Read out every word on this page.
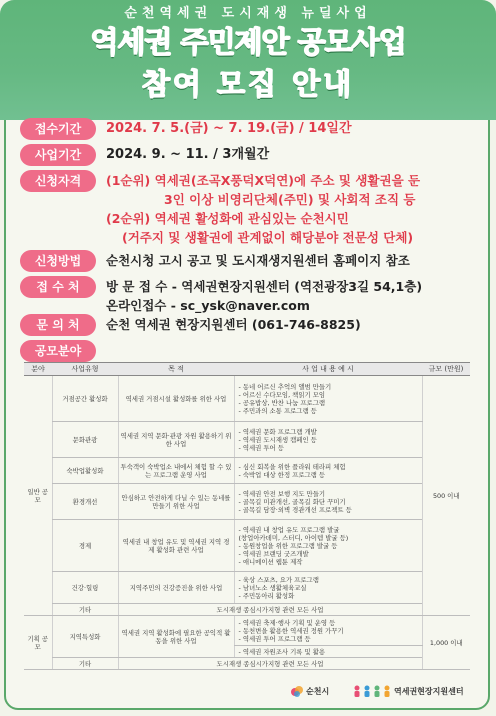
순천역세권 도시재생 뉴딜사업
역세권 주민제안 공모사업
참여 모집 안내
접수기간	2024. 7. 5.(금) ~ 7. 19.(금) / 14일간
사업기간	2024. 9. ~ 11. / 3개월간
신청자격	(1순위) 역세권(조곡X풍덕X덕연)에 주소 및 생활권을 둔
3인 이상 비영리단체(주민) 및 사회적 조직 등
(2순위) 역세권 활성화에 관심있는 순천시민
(거주지 및 생활권에 관계없이 해당분야 전문성 단체)
신청방법	순천시청 고시 공고 및 도시재생지원센터 홈페이지 참조
접 수 처	방 문 접 수 - 역세권현장지원센터 (역전광장3길 54,1층)
온라인접수 - sc_ysk@naver.com
문 의 처	순천 역세권 현장지원센터 (061-746-8825)
공모분야
분야	사업유형	목 적	사 업 내 용 예 시	규모 (만원)
일반 공모	거점공간 활성화	역세권 거점시설 활성화를 위한 사업	- 동네 어르신 추억의 앨범 만들기
- 어르신 수다모임, 책읽기 모임
- 공유밥상, 반찬 나눔 프로그램
- 주민과의 소통 프로그램 등	500 이내
	문화관광	역세권 지역 문화·관광 자원 활용하기 위한 사업	- 역세권 문화 프로그램 개발
- 역세권 도시재생 캠페인 등
- 역세권 투어 등	

	숙박업활성화	투숙객이 숙박업소 내에서 체험 할 수 있는 프로그램 운영 사업	- 심신 회복을 위한 플라워 테라피 체험
- 숙박업 대상 한정 프로그램 등	

	환경개선	안심하고 안전하게 다닐 수 있는 동네를 만들기 위한 사업	- 역세권 안전 보행 지도 만들기
- 골목길 미관개선, 골목길 화단 꾸미기
- 골목길 담장·외벽 경관개선 프로젝트 등	

	경제	역세권 내 창업 유도 및 역세권 지역 경제 활성화 관련 사업	- 역세권 내 창업 유도 프로그램 발굴
(창업아카데미, 스터디, 아이템 발굴 등)
- 동원창업을 위한 프로그램 발굴 등
- 역세권 브랜딩 굿즈개발
- 애니메이션 웹툰 제작	

	건강·힐링	지역주민의 건강증진을 위한 사업	- 육상 스포츠, 요가 프로그램
- 남녀노소 생활체육교실
- 주민동아리 활성화	

	기타	도시재생 종심시가지형 관련 모든 사업		
기획 공모	지역특성화	역세권 지역 활성화에 필요한 공익적 활동을 위한 사업	- 역세권 축제·행사 기획 및 운영 등
- 동천변을 활용한 역세권 정원 가꾸기
- 역세권 투어 프로그램 등	1,000 이내
			- 역세권 자원조사 기록 및 활용	
	기타	도시재생 종심시가지형 관련 모든 사업		
순천시	역세권현장지원센터
